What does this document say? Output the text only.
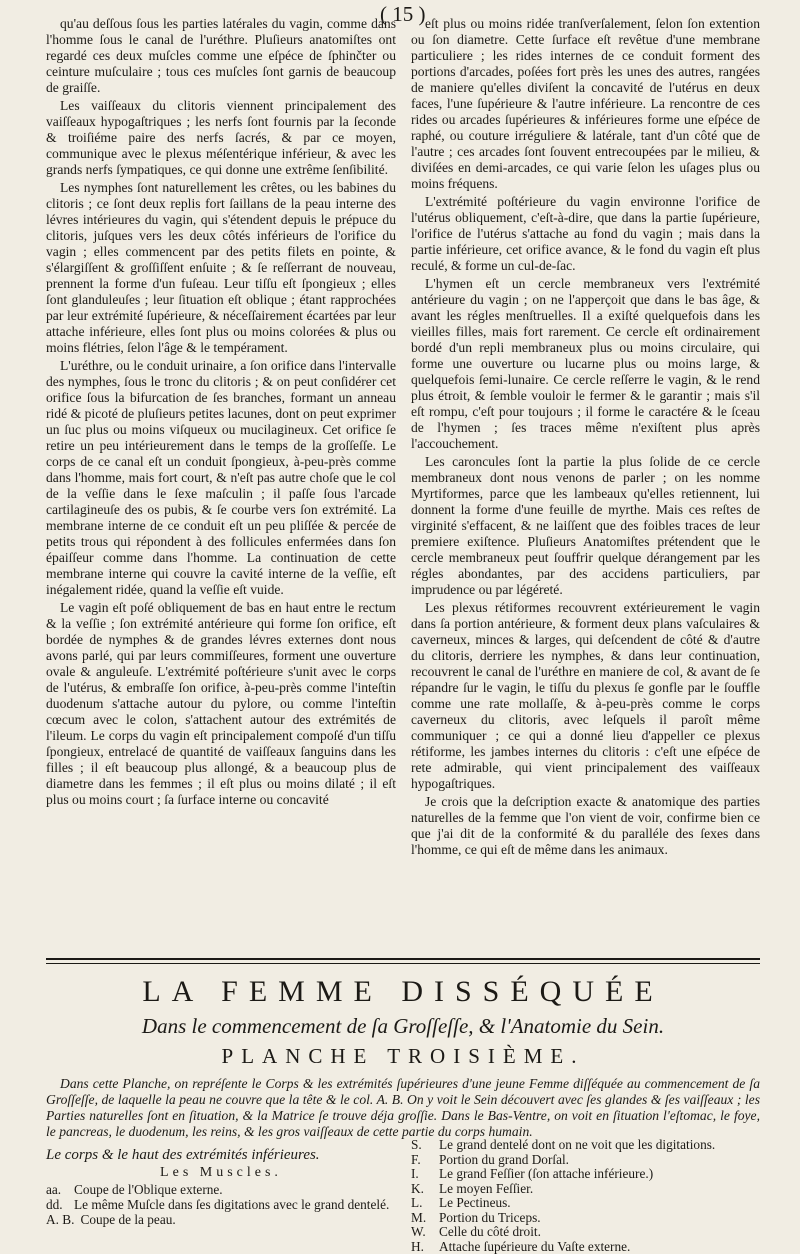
( 15 )

qu'au deſſous ſous les parties latérales du vagin, comme dans l'homme ſous le canal de l'uréthre. Pluſieurs anatomiſtes ont regardé ces deux muſcles comme une eſpéce de ſphinčter ou ceinture muſculaire ; tous ces muſcles ſont garnis de beaucoup de graiſſe.

Les vaiſſeaux du clitoris viennent principalement des vaiſſeaux hypogaſtriques ; les nerfs ſont fournis par la ſeconde & troiſiéme paire des nerfs ſacrés, & par ce moyen, communique avec le plexus méſentérique inférieur, & avec les grands nerfs ſympatiques, ce qui donne une extrême ſenſibilité.

Les nymphes ſont naturellement les crêtes, ou les babines du clitoris ; ce ſont deux replis fort ſaillans de la peau interne des lévres intérieures du vagin, qui s'étendent depuis le prépuce du clitoris, juſques vers les deux côtés inférieurs de l'orifice du vagin ; elles commencent par des petits filets en pointe, & s'élargiſſent & groſſiſſent enſuite ; & ſe reſſerrant de nouveau, prennent la forme d'un fuſeau. Leur tiſſu eſt ſpongieux ; elles ſont glanduleuſes ; leur ſituation eſt oblique ; étant rapprochées par leur extrémité ſupérieure, & néceſſairement écartées par leur attache inférieure, elles ſont plus ou moins colorées & plus ou moins flétries, ſelon l'âge & le tempérament.

L'uréthre, ou le conduit urinaire, a ſon orifice dans l'intervalle des nymphes, ſous le tronc du clitoris ; & on peut conſidérer cet orifice ſous la bifurcation de ſes branches, formant un anneau ridé & picoté de pluſieurs petites lacunes, dont on peut exprimer un ſuc plus ou moins viſqueux ou mucilagineux. Cet orifice ſe retire un peu intérieurement dans le temps de la groſſeſſe. Le corps de ce canal eſt un conduit ſpongieux, à-peu-près comme dans l'homme, mais fort court, & n'eſt pas autre choſe que le col de la veſſie dans le ſexe maſculin ; il paſſe ſous l'arcade cartilagineuſe des os pubis, & ſe courbe vers ſon extrémité. La membrane interne de ce conduit eſt un peu pliſſée & percée de petits trous qui répondent à des follicules enfermées dans ſon épaiſſeur comme dans l'homme. La continuation de cette membrane interne qui couvre la cavité interne de la veſſie, eſt inégalement ridée, quand la veſſie eſt vuide.

Le vagin eſt poſé obliquement de bas en haut entre le rectum & la veſſie ; ſon extrémité antérieure qui forme ſon orifice, eſt bordée de nymphes & de grandes lévres externes dont nous avons parlé, qui par leurs commiſſeures, forment une ouverture ovale & anguleuſe. L'extrémité poſtérieure s'unit avec le corps de l'utérus, & embraſſe ſon orifice, à-peu-près comme l'inteſtin duodenum s'attache autour du pylore, ou comme l'inteſtin cœcum avec le colon, s'attachent autour des extrémités de l'ileum. Le corps du vagin eſt principalement compoſé d'un tiſſu ſpongieux, entrelacé de quantité de vaiſſeaux ſanguins dans les filles ; il eſt beaucoup plus allongé, & a beaucoup plus de diametre dans les femmes ; il eſt plus ou moins dilaté ; il eſt plus ou moins court ; ſa ſurface interne ou concavité

eſt plus ou moins ridée tranſverſalement, ſelon ſon extention ou ſon diametre. Cette ſurface eſt revêtue d'une membrane particuliere ; les rides internes de ce conduit forment des portions d'arcades, poſées fort près les unes des autres, rangées de maniere qu'elles diviſent la concavité de l'utérus en deux faces, l'une ſupérieure & l'autre inférieure. La rencontre de ces rides ou arcades ſupérieures & inférieures forme une eſpéce de raphé, ou couture irréguliere & latérale, tant d'un côté que de l'autre ; ces arcades ſont ſouvent entrecoupées par le milieu, & diviſées en demi-arcades, ce qui varie ſelon les uſages plus ou moins fréquens.

L'extrémité poſtérieure du vagin environne l'orifice de l'utérus obliquement, c'eſt-à-dire, que dans la partie ſupérieure, l'orifice de l'utérus s'attache au fond du vagin ; mais dans la partie inférieure, cet orifice avance, & le fond du vagin eſt plus reculé, & forme un cul-de-ſac.

L'hymen eſt un cercle membraneux vers l'extrémité antérieure du vagin ; on ne l'apperçoit que dans le bas âge, & avant les régles menſtruelles. Il a exiſté quelquefois dans les vieilles filles, mais fort rarement. Ce cercle eſt ordinairement bordé d'un repli membraneux plus ou moins circulaire, qui forme une ouverture ou lucarne plus ou moins large, & quelquefois ſemi-lunaire. Ce cercle reſſerre le vagin, & le rend plus étroit, & ſemble vouloir le fermer & le garantir ; mais s'il eſt rompu, c'eſt pour toujours ; il forme le caractére & le ſceau de l'hymen ; ſes traces même n'exiſtent plus après l'accouchement.

Les caroncules ſont la partie la plus ſolide de ce cercle membraneux dont nous venons de parler ; on les nomme Myrtiformes, parce que les lambeaux qu'elles retiennent, lui donnent la forme d'une feuille de myrthe. Mais ces reſtes de virginité s'effacent, & ne laiſſent que des foibles traces de leur premiere exiſtence. Pluſieurs Anatomiſtes prétendent que le cercle membraneux peut ſouffrir quelque dérangement par les régles abondantes, par des accidens particuliers, par imprudence ou par légéreté.

Les plexus rétiformes recouvrent extérieurement le vagin dans ſa portion antérieure, & forment deux plans vaſculaires & caverneux, minces & larges, qui deſcendent de côté & d'autre du clitoris, derriere les nymphes, & dans leur continuation, recouvrent le canal de l'uréthre en maniere de col, & avant de ſe répandre ſur le vagin, le tiſſu du plexus ſe gonfle par le ſouffle comme une rate mollaſſe, & à-peu-près comme le corps caverneux du clitoris, avec leſquels il paroît même communiquer ; ce qui a donné lieu d'appeller ce plexus rétiforme, les jambes internes du clitoris : c'eſt une eſpéce de rete admirable, qui vient principalement des vaiſſeaux hypogaſtriques.

Je crois que la deſcription exacte & anatomique des parties naturelles de la femme que l'on vient de voir, confirme bien ce que j'ai dit de la conformité & du paralléle des ſexes dans l'homme, ce qui eſt de même dans les animaux.

LA FEMME DISSÉQUÉE
Dans le commencement de ſa Groſſeſſe, & l'Anatomie du Sein.
PLANCHE TROISIÈME.
Dans cette Planche, on repréſente le Corps & les extrémités ſupérieures d'une jeune Femme diſſéquée au commencement de ſa Groſſeſſe, de laquelle la peau ne couvre que la tête & le col. A. B. On y voit le Sein découvert avec ſes glandes & ſes vaiſſeaux ; les Parties naturelles ſont en ſituation, & la Matrice ſe trouve déja groſſie. Dans le Bas-Ventre, on voit en ſituation l'eſtomac, le foye, le pancreas, le duodenum, les reins, & les gros vaiſſeaux de cette partie du corps humain.
Le corps & le haut des extrémités inférieures.
Les Muscles.
aa. Coupe de l'Oblique externe.
dd. Le même Muſcle dans ſes digitations avec le grand dentelé.
A. B. Coupe de la peau.
S.	Le grand dentelé dont on ne voit que les digitations.
F.	Portion du grand Dorſal.
I.	Le grand Feſſier (ſon attache inférieure.)
K.	Le moyen Feſſier.
L.	Le Pectineus.
M. Portion du Triceps.
W.	Celle du côté droit.
H.	Attache ſupérieure du Vaſte externe.
